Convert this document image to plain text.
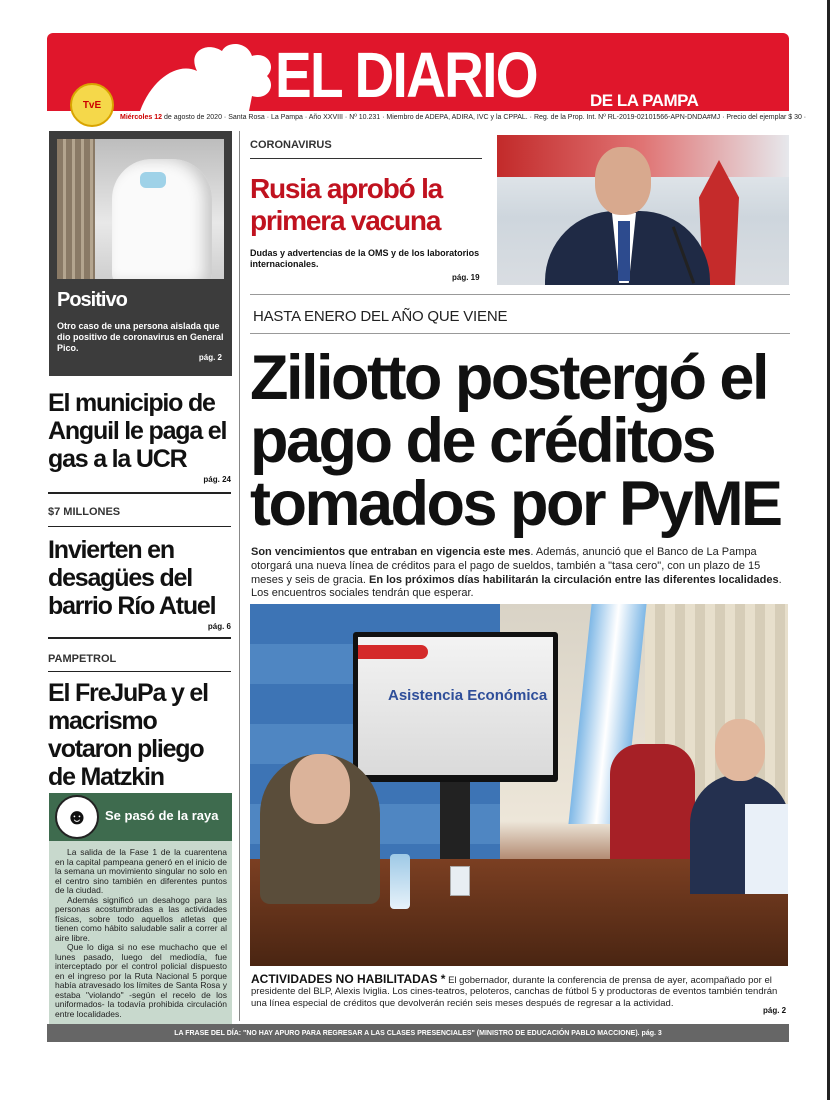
EL DIARIO	DE LA PAMPA
TvE
Miércoles 12 de agosto de 2020 · Santa Rosa · La Pampa · Año XXVIII · Nº 10.231 · Miembro de ADEPA, ADIRA, IVC y la CPPAL. · Reg. de la Prop. Int. Nº RL-2019-02101566-APN-DNDA#MJ · Precio del ejemplar $ 30 ·
Positivo
Otro caso de una persona aislada que dio positivo de coronavirus en General Pico.
pág. 2
El municipio de Anguil le paga el gas a la UCR
pág. 24
$7 MILLONES
Invierten en desagües del barrio Río Atuel
pág. 6
PAMPETROL
El FreJuPa y el macrismo votaron pliego de Matzkin
☻	Se pasó de la raya

La salida de la Fase 1 de la cuarentena en la capital pampeana generó en el inicio de la semana un movimiento singular no solo en el centro sino también en diferentes puntos de la ciudad.

Además significó un desahogo para las personas acostumbradas a las actividades físicas, sobre todo aquellos atletas que tienen como hábito saludable salir a correr al aire libre.

Que lo diga si no ese muchacho que el lunes pasado, luego del mediodía, fue interceptado por el control policial dispuesto en el ingreso por la Ruta Nacional 5 porque había atravesado los límites de Santa Rosa y estaba "violando" -según el recelo de los uniformados- la todavía prohibida circulación entre localidades.

CORONAVIRUS
Rusia aprobó la primera vacuna
Dudas y advertencias de la OMS y de los laboratorios internacionales.
pág. 19
HASTA ENERO DEL AÑO QUE VIENE
Ziliotto postergó el pago de créditos tomados por PyME
Son vencimientos que entraban en vigencia este mes. Además, anunció que el Banco de La Pampa otorgará una nueva línea de créditos para el pago de sueldos, también a "tasa cero", con un plazo de 15 meses y seis de gracia. En los próximos días habilitarán la circulación entre las diferentes localidades. Los encuentros sociales tendrán que esperar.
Asistencia Económica
ACTIVIDADES NO HABILITADAS * El gobernador, durante la conferencia de prensa de ayer, acompañado por el presidente del BLP, Alexis Iviglia. Los cines-teatros, peloteros, canchas de fútbol 5 y productoras de eventos también tendrán una línea especial de créditos que devolverán recién seis meses después de regresar a la actividad.
pág. 2
LA FRASE DEL DÍA: "NO HAY APURO PARA REGRESAR A LAS CLASES PRESENCIALES" (MINISTRO DE EDUCACIÓN PABLO MACCIONE). pág. 3
